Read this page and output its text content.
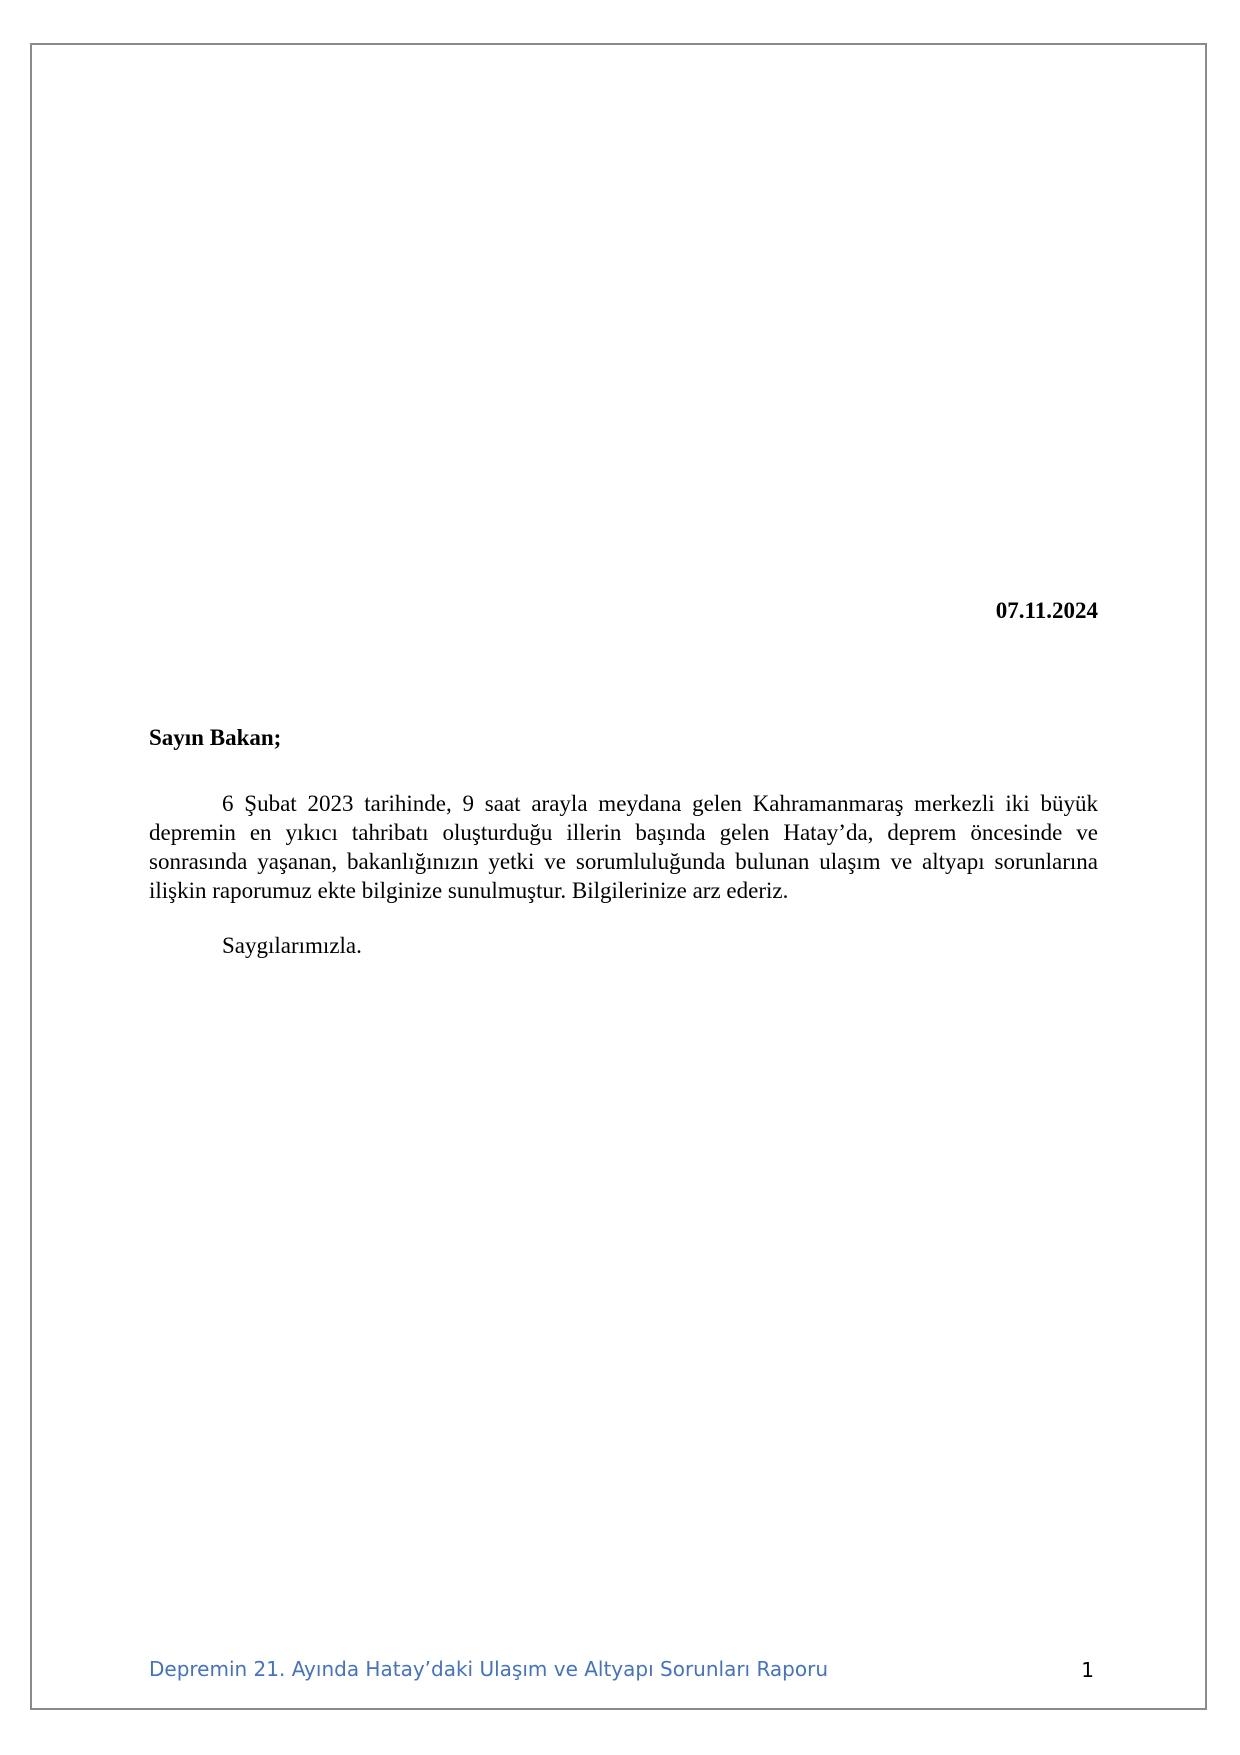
07.11.2024
Sayın Bakan;

6 Şubat 2023 tarihinde, 9 saat arayla meydana gelen Kahramanmaraş merkezli iki büyük depremin en yıkıcı tahribatı oluşturduğu illerin başında gelen Hatay’da, deprem öncesinde ve sonrasında yaşanan, bakanlığınızın yetki ve sorumluluğunda bulunan ulaşım ve altyapı sorunlarına ilişkin raporumuz ekte bilginize sunulmuştur. Bilgilerinize arz ederiz.

Saygılarımızla.
Depremin 21. Ayında Hatay’daki Ulaşım ve Altyapı Sorunları Raporu	1
